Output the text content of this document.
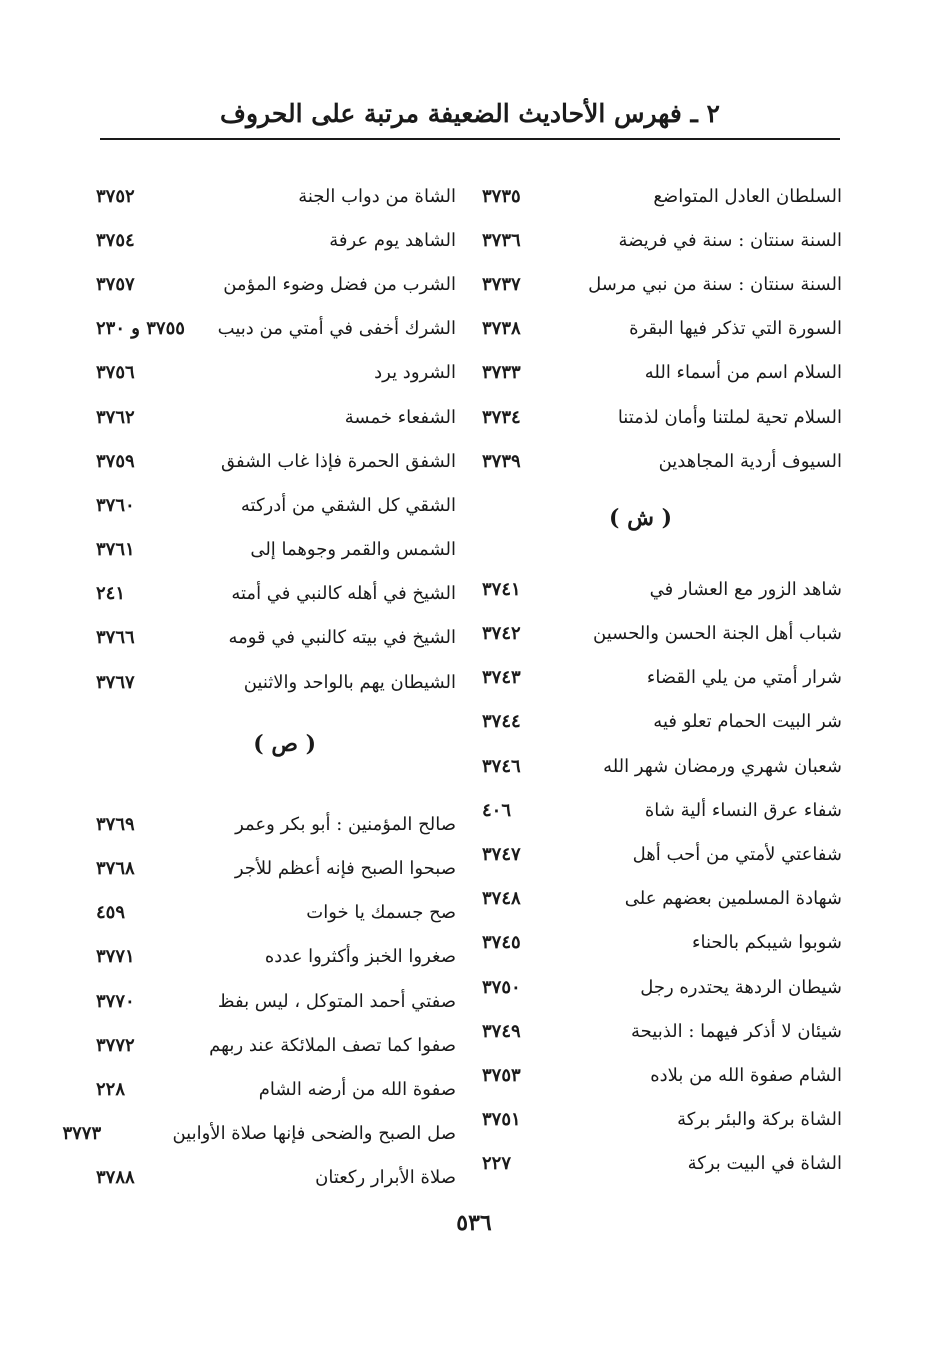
٢ ـ فهرس الأحاديث الضعيفة مرتبة على الحروف
السلطان العادل المتواضع
٣٧٣٥
السنة سنتان : سنة في فريضة
٣٧٣٦
السنة سنتان : سنة من نبي مرسل
٣٧٣٧
السورة التي تذكر فيها البقرة
٣٧٣٨
السلام اسم من أسماء الله
٣٧٣٣
السلام تحية لملتنا وأمان لذمتنا
٣٧٣٤
السيوف أردية المجاهدين
٣٧٣٩
( ش )
شاهد الزور مع العشار في
٣٧٤١
شباب أهل الجنة الحسن والحسين
٣٧٤٢
شرار أمتي من يلي القضاء
٣٧٤٣
شر البيت الحمام تعلو فيه
٣٧٤٤
شعبان شهري ورمضان شهر الله
٣٧٤٦
شفاء عرق النساء ألية شاة
٤٠٦
شفاعتي لأمتي من أحب أهل
٣٧٤٧
شهادة المسلمين بعضهم على
٣٧٤٨
شوبوا شيبكم بالحناء
٣٧٤٥
شيطان الردهة يحتدره رجل
٣٧٥٠
شيئان لا أذكر فيهما : الذبيحة
٣٧٤٩
الشام صفوة الله من بلاده
٣٧٥٣
الشاة بركة والبئر بركة
٣٧٥١
الشاة في البيت بركة
٢٢٧
الشاة من دواب الجنة
٣٧٥٢
الشاهد يوم عرفة
٣٧٥٤
الشرب من فضل وضوء المؤمن
٣٧٥٧
الشرك أخفى في أمتي من دبيب
٣٧٥٥ و ٢٣٠
الشرود يرد
٣٧٥٦
الشفعاء خمسة
٣٧٦٢
الشفق الحمرة فإذا غاب الشفق
٣٧٥٩
الشقي كل الشقي من أدركته
٣٧٦٠
الشمس والقمر وجوهما إلى
٣٧٦١
الشيخ في أهله كالنبي في أمته
٢٤١
الشيخ في بيته كالنبي في قومه
٣٧٦٦
الشيطان يهم بالواحد والاثنين
٣٧٦٧
( ص )
صالح المؤمنين : أبو بكر وعمر
٣٧٦٩
صبحوا الصبح فإنه أعظم للأجر
٣٧٦٨
صح جسمك يا خوات
٤٥٩
صغروا الخبز وأكثروا عدده
٣٧٧١
صفتي أحمد المتوكل ، ليس بفظ
٣٧٧٠
صفوا كما تصف الملائكة عند ربهم
٣٧٧٢
صفوة الله من أرضه الشام
٢٢٨
صل الصبح والضحى فإنها صلاة الأوابين
٣٧٧٣
صلاة الأبرار ركعتان
٣٧٨٨
٥٣٦
